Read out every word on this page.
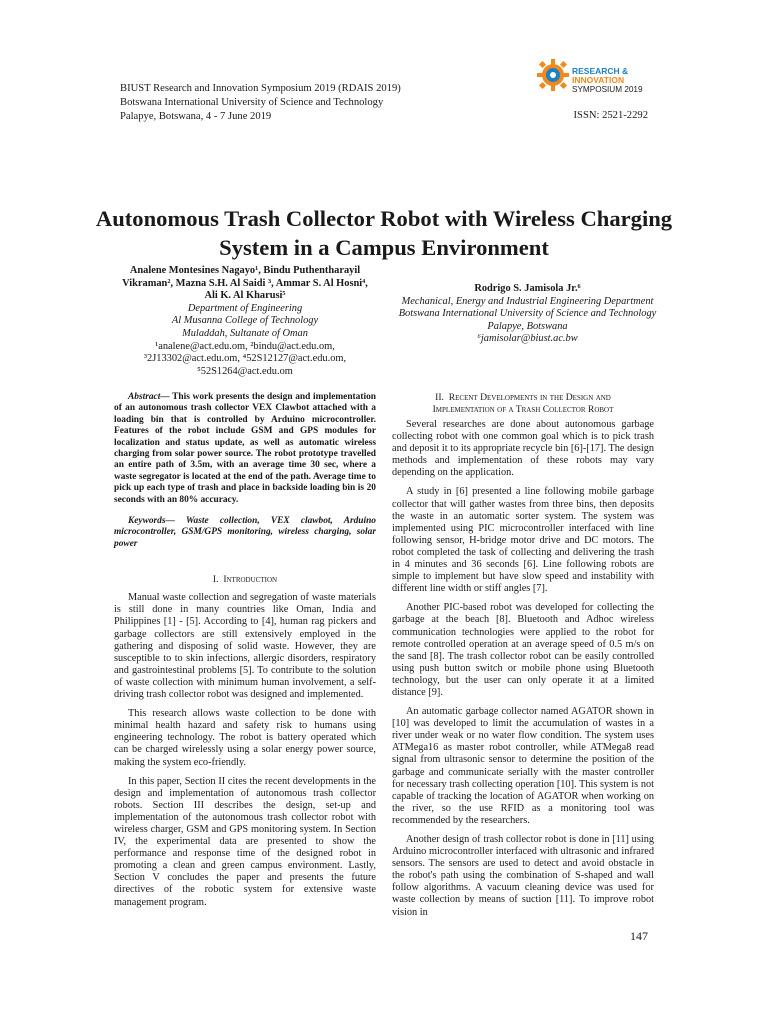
BIUST Research and Innovation Symposium 2019 (RDAIS 2019)
Botswana International University of Science and Technology
Palapye, Botswana, 4 - 7 June 2019	ISSN: 2521-2292
RESEARCH &
INNOVATION
SYMPOSIUM 2019
Autonomous Trash Collector Robot with Wireless Charging System in a Campus Environment
Analene Montesines Nagayo¹, Bindu Puthentharayil Vikraman², Mazna S.H. Al Saidi ³, Ammar S. Al Hosni⁴, Ali K. Al Kharusi⁵
Department of Engineering
Al Musanna College of Technology
Muladdah, Sultanate of Oman
¹analene@act.edu.om, ²bindu@act.edu.om,
³2J13302@act.edu.om, ⁴52S12127@act.edu.om,
⁵52S1264@act.edu.om
Rodrigo S. Jamisola Jr.⁶
Mechanical, Energy and Industrial Engineering Department
Botswana International University of Science and Technology
Palapye, Botswana
⁶jamisolar@biust.ac.bw
Abstract— This work presents the design and implementation of an autonomous trash collector VEX Clawbot attached with a loading bin that is controlled by Arduino microcontroller. Features of the robot include GSM and GPS modules for localization and status update, as well as automatic wireless charging from solar power source. The robot prototype travelled an entire path of 3.5m, with an average time 30 sec, where a waste segregator is located at the end of the path. Average time to pick up each type of trash and place in backside loading bin is 20 seconds with an 80% accuracy.
Keywords— Waste collection, VEX clawbot, Arduino microcontroller, GSM/GPS monitoring, wireless charging, solar power
I. Introduction

Manual waste collection and segregation of waste materials is still done in many countries like Oman, India and Philippines [1] - [5]. According to [4], human rag pickers and garbage collectors are still extensively employed in the gathering and disposing of solid waste. However, they are susceptible to to skin infections, allergic disorders, respiratory and gastrointestinal problems [5]. To contribute to the solution of waste collection with minimum human involvement, a self-driving trash collector robot was designed and implemented.

This research allows waste collection to be done with minimal health hazard and safety risk to humans using engineering technology. The robot is battery operated which can be charged wirelessly using a solar energy power source, making the system eco-friendly.

In this paper, Section II cites the recent developments in the design and implementation of autonomous trash collector robots. Section III describes the design, set-up and implementation of the autonomous trash collector robot with wireless charger, GSM and GPS monitoring system. In Section IV, the experimental data are presented to show the performance and response time of the designed robot in promoting a clean and green campus environment. Lastly, Section V concludes the paper and presents the future directives of the robotic system for extensive waste management program.

II. Recent Developments in the Design and
Implementation of a Trash Collector Robot

Several researches are done about autonomous garbage collecting robot with one common goal which is to pick trash and deposit it to its appropriate recycle bin [6]-[17]. The design methods and implementation of these robots may vary depending on the application.

A study in [6] presented a line following mobile garbage collector that will gather wastes from three bins, then deposits the waste in an automatic sorter system. The system was implemented using PIC microcontroller interfaced with line following sensor, H-bridge motor drive and DC motors. The robot completed the task of collecting and delivering the trash in 4 minutes and 36 seconds [6]. Line following robots are simple to implement but have slow speed and instability with different line width or stiff angles [7].

Another PIC-based robot was developed for collecting the garbage at the beach [8]. Bluetooth and Adhoc wireless communication technologies were applied to the robot for remote controlled operation at an average speed of 0.5 m/s on the sand [8]. The trash collector robot can be easily controlled using push button switch or mobile phone using Bluetooth technology, but the user can only operate it at a limited distance [9].

An automatic garbage collector named AGATOR shown in [10] was developed to limit the accumulation of wastes in a river under weak or no water flow condition. The system uses ATMega16 as master robot controller, while ATMega8 read signal from ultrasonic sensor to determine the position of the garbage and communicate serially with the master controller for necessary trash collecting operation [10]. This system is not capable of tracking the location of AGATOR when working on the river, so the use RFID as a monitoring tool was recommended by the researchers.

Another design of trash collector robot is done in [11] using Arduino microcontroller interfaced with ultrasonic and infrared sensors. The sensors are used to detect and avoid obstacle in the robot's path using the combination of S-shaped and wall follow algorithms. A vacuum cleaning device was used for waste collection by means of suction [11]. To improve robot vision in

147
